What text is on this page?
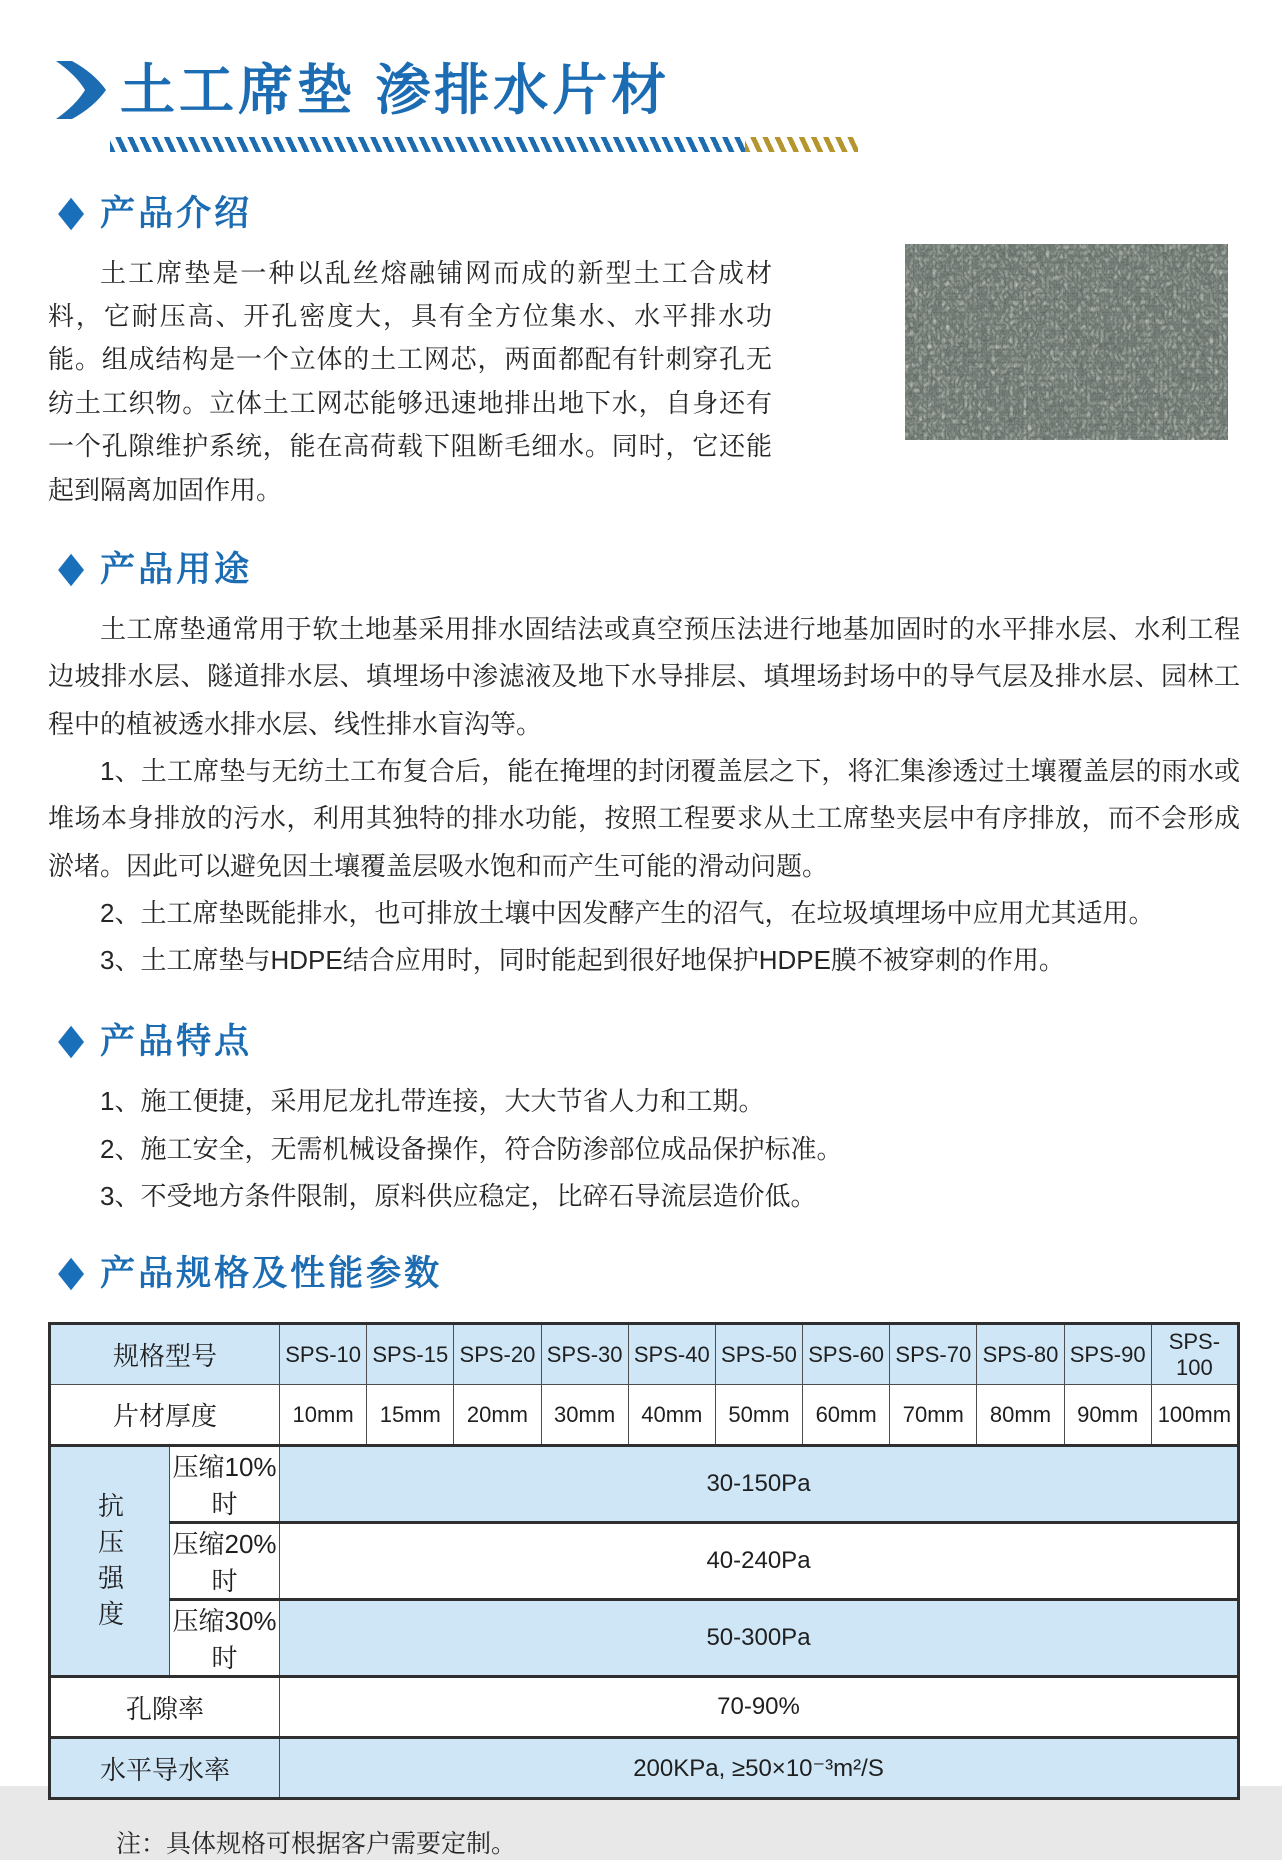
土工席垫 渗排水片材
◆ 产品介绍

土工席垫是一种以乱丝熔融铺网而成的新型土工合成材料，它耐压高、开孔密度大，具有全方位集水、水平排水功能。组成结构是一个立体的土工网芯，两面都配有针刺穿孔无纺土工织物。立体土工网芯能够迅速地排出地下水，自身还有一个孔隙维护系统，能在高荷载下阻断毛细水。同时，它还能起到隔离加固作用。

◆ 产品用途

土工席垫通常用于软土地基采用排水固结法或真空预压法进行地基加固时的水平排水层、水利工程边坡排水层、隧道排水层、填埋场中渗滤液及地下水导排层、填埋场封场中的导气层及排水层、园林工程中的植被透水排水层、线性排水盲沟等。

1、土工席垫与无纺土工布复合后，能在掩埋的封闭覆盖层之下，将汇集渗透过土壤覆盖层的雨水或堆场本身排放的污水，利用其独特的排水功能，按照工程要求从土工席垫夹层中有序排放，而不会形成淤堵。因此可以避免因土壤覆盖层吸水饱和而产生可能的滑动问题。

2、土工席垫既能排水，也可排放土壤中因发酵产生的沼气，在垃圾填埋场中应用尤其适用。

3、土工席垫与HDPE结合应用时，同时能起到很好地保护HDPE膜不被穿刺的作用。

◆ 产品特点

1、施工便捷，采用尼龙扎带连接，大大节省人力和工期。

2、施工安全，无需机械设备操作，符合防渗部位成品保护标准。

3、不受地方条件限制，原料供应稳定，比碎石导流层造价低。

◆ 产品规格及性能参数
规格型号		SPS-10	SPS-15	SPS-20	SPS-30	SPS-40	SPS-50	SPS-60	SPS-70	SPS-80	SPS-90	SPS-100
片材厚度		10mm	15mm	20mm	30mm	40mm	50mm	60mm	70mm	80mm	90mm	100mm
抗压强度	压缩10%时	30-150Pa										
	压缩20%时	40-240Pa										
	压缩30%时	50-300Pa										
孔隙率		70-90%										
水平导水率		200KPa, ≥50×10⁻³m²/S										

注：具体规格可根据客户需要定制。
